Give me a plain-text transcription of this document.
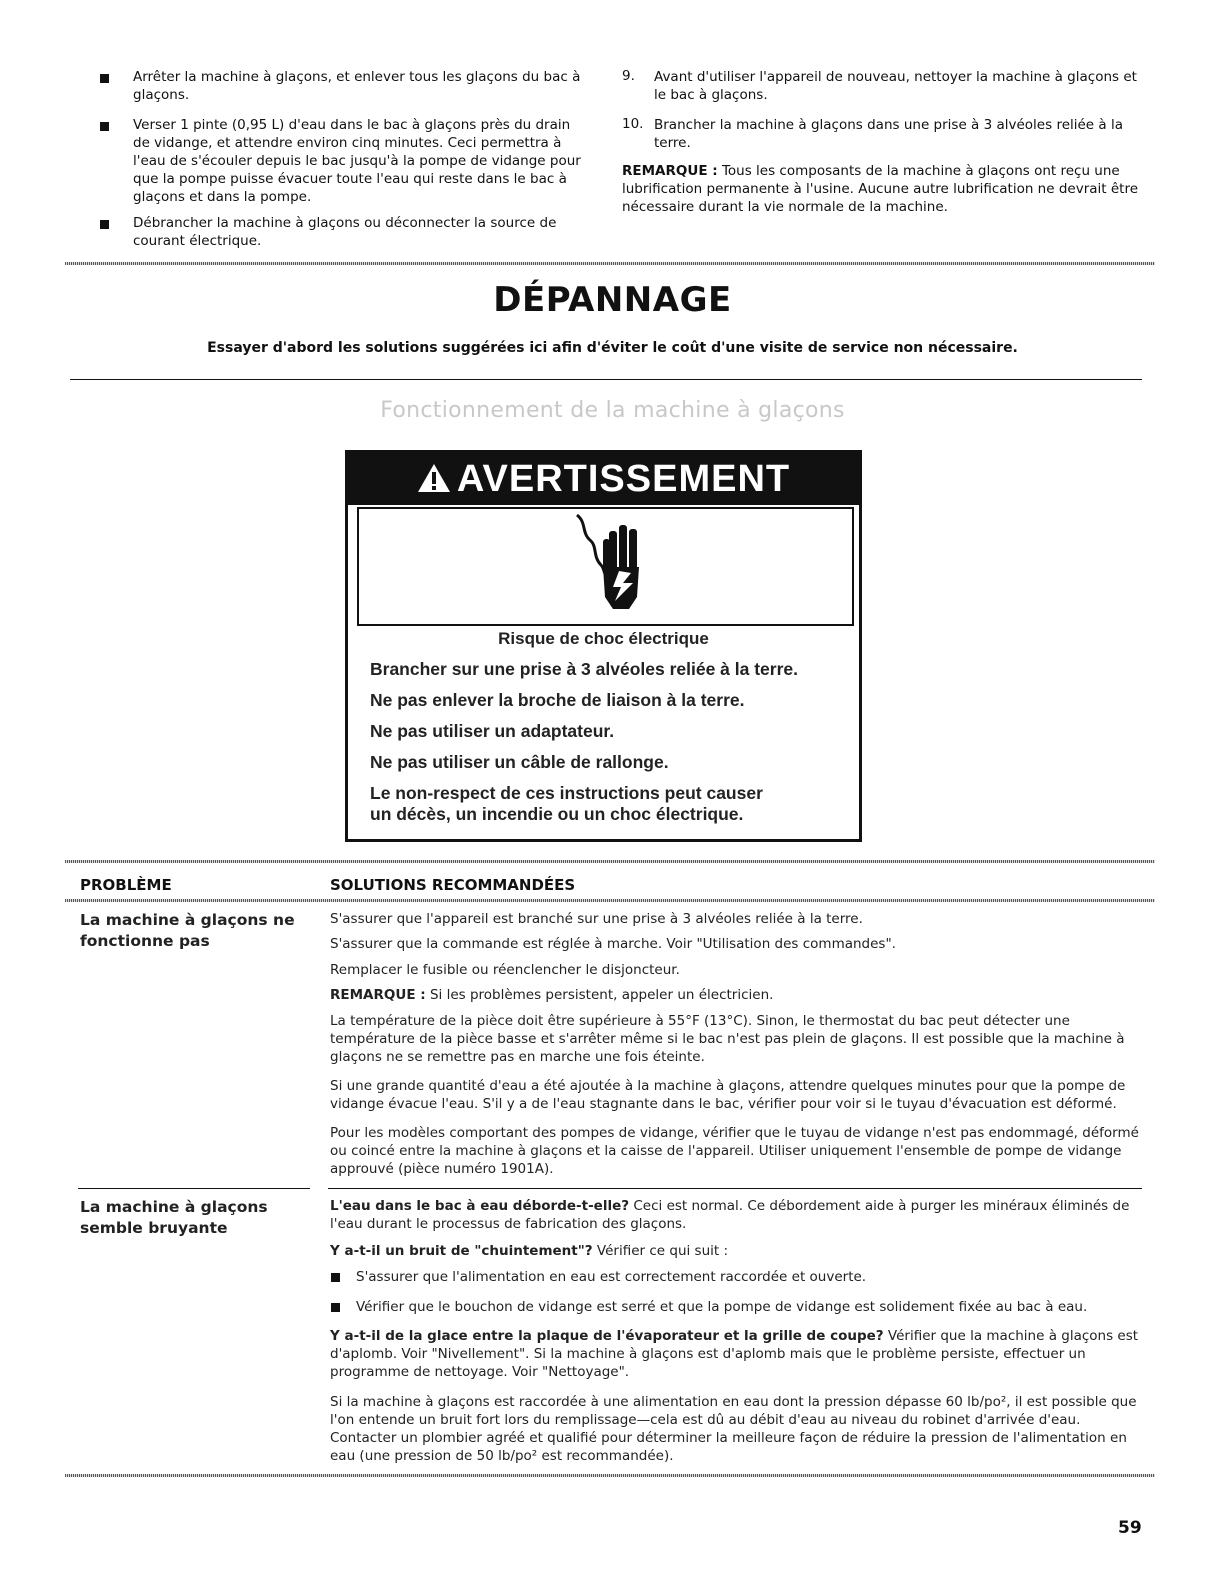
Arrêter la machine à glaçons, et enlever tous les glaçons du bac à glaçons.
Verser 1 pinte (0,95 L) d'eau dans le bac à glaçons près du drain de vidange, et attendre environ cinq minutes. Ceci permettra à l'eau de s'écouler depuis le bac jusqu'à la pompe de vidange pour que la pompe puisse évacuer toute l'eau qui reste dans le bac à glaçons et dans la pompe.
Débrancher la machine à glaçons ou déconnecter la source de courant électrique.
9. Avant d'utiliser l'appareil de nouveau, nettoyer la machine à glaçons et le bac à glaçons.
10. Brancher la machine à glaçons dans une prise à 3 alvéoles reliée à la terre.
REMARQUE : Tous les composants de la machine à glaçons ont reçu une lubrification permanente à l'usine. Aucune autre lubrification ne devrait être nécessaire durant la vie normale de la machine.
DÉPANNAGE
Essayer d'abord les solutions suggérées ici afin d'éviter le coût d'une visite de service non nécessaire.
Fonctionnement de la machine à glaçons
AVERTISSEMENT
Risque de choc électrique
Brancher sur une prise à 3 alvéoles reliée à la terre.
Ne pas enlever la broche de liaison à la terre.
Ne pas utiliser un adaptateur.
Ne pas utiliser un câble de rallonge.
Le non-respect de ces instructions peut causer
un décès, un incendie ou un choc électrique.
PROBLÈME	SOLUTIONS RECOMMANDÉES
La machine à glaçons ne fonctionne pas
S'assurer que l'appareil est branché sur une prise à 3 alvéoles reliée à la terre.
S'assurer que la commande est réglée à marche. Voir "Utilisation des commandes".
Remplacer le fusible ou réenclencher le disjoncteur.
REMARQUE : Si les problèmes persistent, appeler un électricien.
La température de la pièce doit être supérieure à 55°F (13°C). Sinon, le thermostat du bac peut détecter une température de la pièce basse et s'arrêter même si le bac n'est pas plein de glaçons. Il est possible que la machine à glaçons ne se remettre pas en marche une fois éteinte.
Si une grande quantité d'eau a été ajoutée à la machine à glaçons, attendre quelques minutes pour que la pompe de vidange évacue l'eau. S'il y a de l'eau stagnante dans le bac, vérifier pour voir si le tuyau d'évacuation est déformé.
Pour les modèles comportant des pompes de vidange, vérifier que le tuyau de vidange n'est pas endommagé, déformé ou coincé entre la machine à glaçons et la caisse de l'appareil. Utiliser uniquement l'ensemble de pompe de vidange approuvé (pièce numéro 1901A).
La machine à glaçons semble bruyante
L'eau dans le bac à eau déborde-t-elle? Ceci est normal. Ce débordement aide à purger les minéraux éliminés de l'eau durant le processus de fabrication des glaçons.
Y a-t-il un bruit de "chuintement"? Vérifier ce qui suit :
S'assurer que l'alimentation en eau est correctement raccordée et ouverte.
Vérifier que le bouchon de vidange est serré et que la pompe de vidange est solidement fixée au bac à eau.
Y a-t-il de la glace entre la plaque de l'évaporateur et la grille de coupe? Vérifier que la machine à glaçons est d'aplomb. Voir "Nivellement". Si la machine à glaçons est d'aplomb mais que le problème persiste, effectuer un programme de nettoyage. Voir "Nettoyage".
Si la machine à glaçons est raccordée à une alimentation en eau dont la pression dépasse 60 lb/po², il est possible que l'on entende un bruit fort lors du remplissage—cela est dû au débit d'eau au niveau du robinet d'arrivée d'eau. Contacter un plombier agréé et qualifié pour déterminer la meilleure façon de réduire la pression de l'alimentation en eau (une pression de 50 lb/po² est recommandée).
59
